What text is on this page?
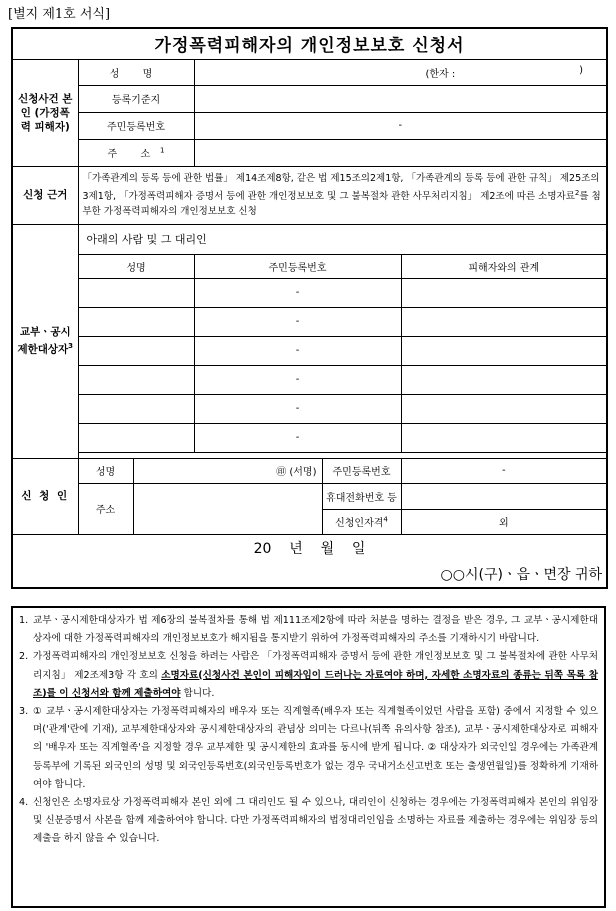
[별지 제1호 서식]
가정폭력피해자의 개인정보보호 신청서					
신청사건 본인 (가정폭력 피해자)	성 명		(한자 : )		

	등록기준지				
	주민등록번호		-		
	주 소$^1$	
신청 근거	「가족관계의 등록 등에 관한 법률」 제14조제8항, 같은 법 제15조의2제1항, 「가족관계의 등록 등에 관한 규칙」 제25조의3제1항, 「가정폭력피해자 증명서 등에 관한 개인정보보호 및 그 불복절차 관한 사무처리지침」 제2조에 따른 소명자료$^2$를 첨부한 가정폭력피해자의 개인정보보호 신청				
교부ㆍ공시 제한대상자$^3$	아래의 사람 및 그 대리인				
	성명		주민등록번호		피해자와의 관계
			-		
			-		
			-		
			-		
			-		
			-		

신 청 인	성명	㊞ (서명)		주민등록번호	-
	주소			휴대전화번호 등	
				신청인자격$^4$	외
20    년    월    일					
○○시(구)ㆍ읍ㆍ면장 귀하					
1. 교부ㆍ공시제한대상자가 법 제6장의 불복절차를 통해 법 제111조제2항에 따라 처분을 명하는 결정을 받은 경우, 그 교부ㆍ공시제한대상자에 대한 가정폭력피해자의 개인정보보호가 해지됨을 통지받기 위하여 가정폭력피해자의 주소를 기재하시기 바랍니다.
2. 가정폭력피해자의 개인정보보호 신청을 하려는 사람은 「가정폭력피해자 증명서 등에 관한 개인정보보호 및 그 불복절차에 관한 사무처리지침」 제2조제3항 각 호의 소명자료(신청사건 본인이 피해자임이 드러나는 자료여야 하며, 자세한 소명자료의 종류는 뒤쪽 목록 참조)를 이 신청서와 함께 제출하여야 합니다.
3. ① 교부ㆍ공시제한대상자는 가정폭력피해자의 배우자 또는 직계혈족(배우자 또는 직계혈족이었던 사람을 포함) 중에서 지정할 수 있으며('관계'란에 기재), 교부제한대상자와 공시제한대상자의 관념상 의미는 다르나(뒤쪽 유의사항 참조), 교부ㆍ공시제한대상자로 피해자의 '배우자 또는 직계혈족'을 지정할 경우 교부제한 및 공시제한의 효과를 동시에 받게 됩니다. ② 대상자가 외국인일 경우에는 가족관계등록부에 기록된 외국인의 성명 및 외국인등록번호(외국인등록번호가 없는 경우 국내거소신고번호 또는 출생연월일)를 정확하게 기재하여야 합니다.
4. 신청인은 소명자료상 가정폭력피해자 본인 외에 그 대리인도 될 수 있으나, 대리인이 신청하는 경우에는 가정폭력피해자 본인의 위임장 및 신분증명서 사본을 함께 제출하여야 합니다. 다만 가정폭력피해자의 법정대리인임을 소명하는 자료를 제출하는 경우에는 위임장 등의 제출을 하지 않을 수 있습니다.
